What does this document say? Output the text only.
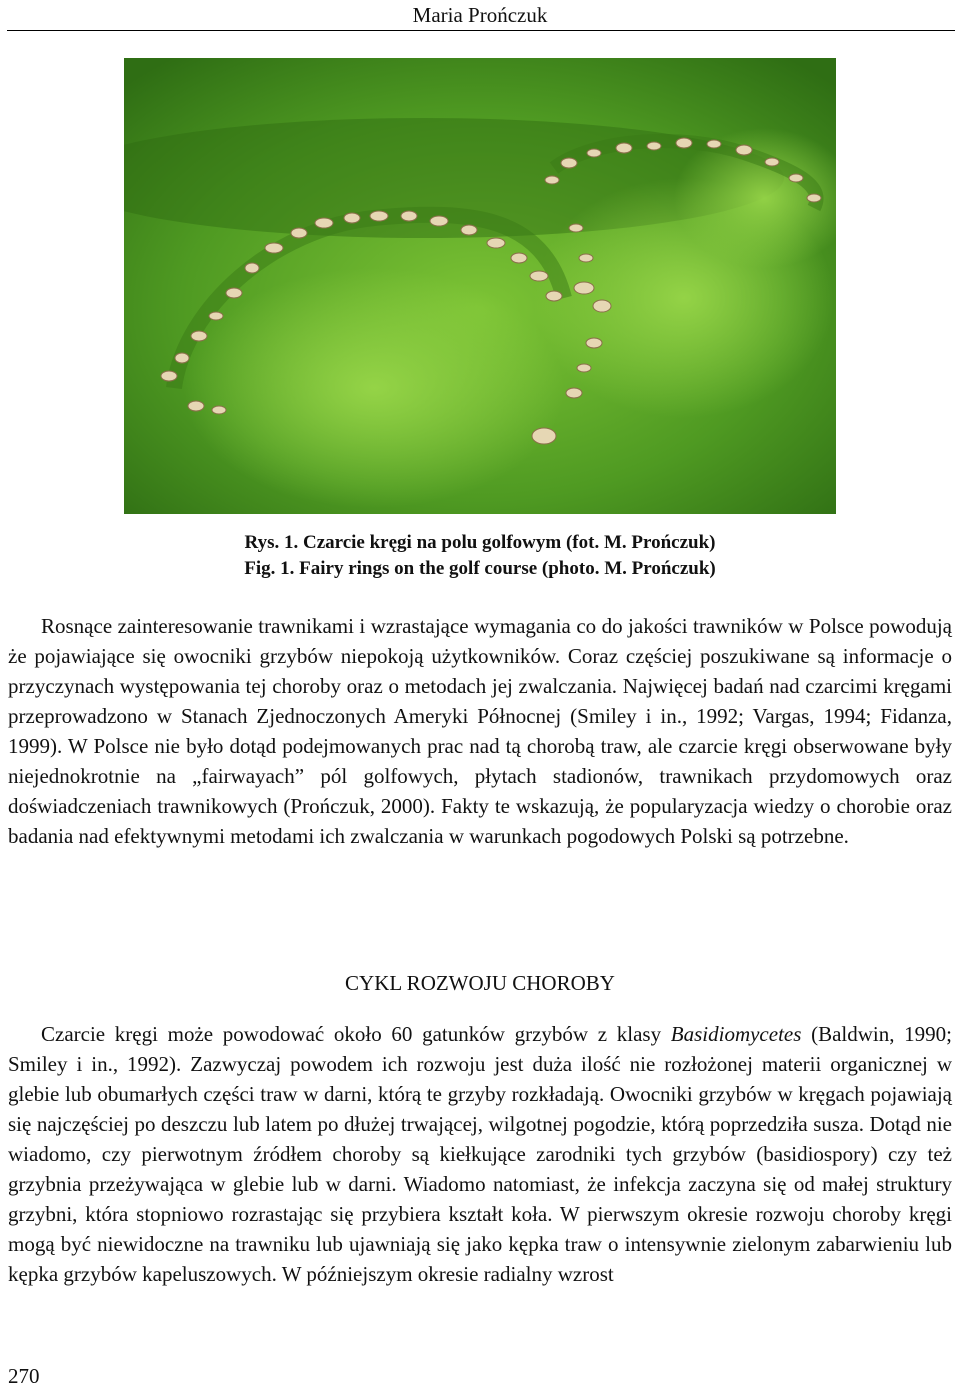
Maria Prończuk
Rys. 1. Czarcie kręgi na polu golfowym (fot. M. Prończuk)
Fig. 1. Fairy rings on the golf course (photo. M. Prończuk)

Rosnące zainteresowanie trawnikami i wzrastające wymagania co do jakości trawników w Polsce powodują że pojawiające się owocniki grzybów niepokoją użytkowników. Coraz częściej poszukiwane są informacje o przyczynach występowania tej choroby oraz o metodach jej zwalczania. Najwięcej badań nad czarcimi kręgami przeprowadzono w Stanach Zjednoczonych Ameryki Północnej (Smiley i in., 1992; Vargas, 1994; Fidanza, 1999). W Polsce nie było dotąd podejmowanych prac nad tą chorobą traw, ale czarcie kręgi obserwowane były niejednokrotnie na „fairwayach” pól golfowych, płytach stadionów, trawnikach przydomowych oraz doświadczeniach trawnikowych (Prończuk, 2000). Fakty te wskazują, że popularyzacja wiedzy o chorobie oraz badania nad efektywnymi metodami ich zwalczania w warunkach pogodowych Polski są potrzebne.

CYKL ROZWOJU CHOROBY

Czarcie kręgi może powodować około 60 gatunków grzybów z klasy Basidiomycetes (Baldwin, 1990; Smiley i in., 1992). Zazwyczaj powodem ich rozwoju jest duża ilość nie rozłożonej materii organicznej w glebie lub obumarłych części traw w darni, którą te grzyby rozkładają. Owocniki grzybów w kręgach pojawiają się najczęściej po deszczu lub latem po dłużej trwającej, wilgotnej pogodzie, którą poprzedziła susza. Dotąd nie wiadomo, czy pierwotnym źródłem choroby są kiełkujące zarodniki tych grzybów (basidiospory) czy też grzybnia przeżywająca w glebie lub w darni. Wiadomo natomiast, że infekcja zaczyna się od małej struktury grzybni, która stopniowo rozrastając się przybiera kształt koła. W pierwszym okresie rozwoju choroby kręgi mogą być niewidoczne na trawniku lub ujawniają się jako kępka traw o intensywnie zielonym zabarwieniu lub kępka grzybów kapeluszowych. W późniejszym okresie radialny wzrost

270
